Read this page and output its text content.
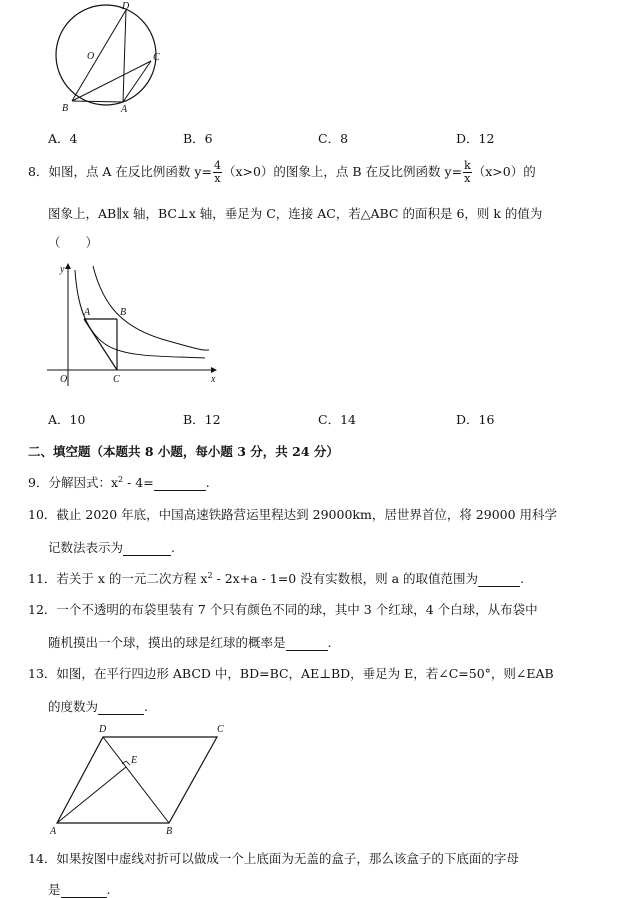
D
O	C
B	A
A．4	B．6	C．8	D．12
8．如图，点 A 在反比例函数 $y= \frac{4}{x} (x>0)$的图象上，点 B 在反比例函数 $y= \frac{k}{x} (x>0)$的
图象上，AB∥x 轴，BC⊥x 轴，垂足为 C，连接 AC，若△ABC 的面积是 6，则 k 的值为
（　　）
y
A	B
O	C	x
A．10	B．12	C．14	D．16
二、填空题（本题共 8 小题，每小题 3 分，共 24 分）
9．分解因式：$x^2 - 4=$	.
10．截止 2020 年底，中国高速铁路营运里程达到 29000km，居世界首位，将 29000 用科学
记数法表示为	.
11．若关于 x 的一元二次方程 $x^2 - 2x+a - 1=0$ 没有实数根，则 a 的取值范围为	.
12．一个不透明的布袋里装有 7 个只有颜色不同的球，其中 3 个红球，4 个白球，从布袋中
随机摸出一个球，摸出的球是红球的概率是	.
13．如图，在平行四边形 ABCD 中，BD=BC，AE⊥BD，垂足为 E，若∠C=50°，则∠EAB
的度数为	.
D	C
E
A	B
14．如果按图中虚线对折可以做成一个上底面为无盖的盒子，那么该盒子的下底面的字母
是	.
